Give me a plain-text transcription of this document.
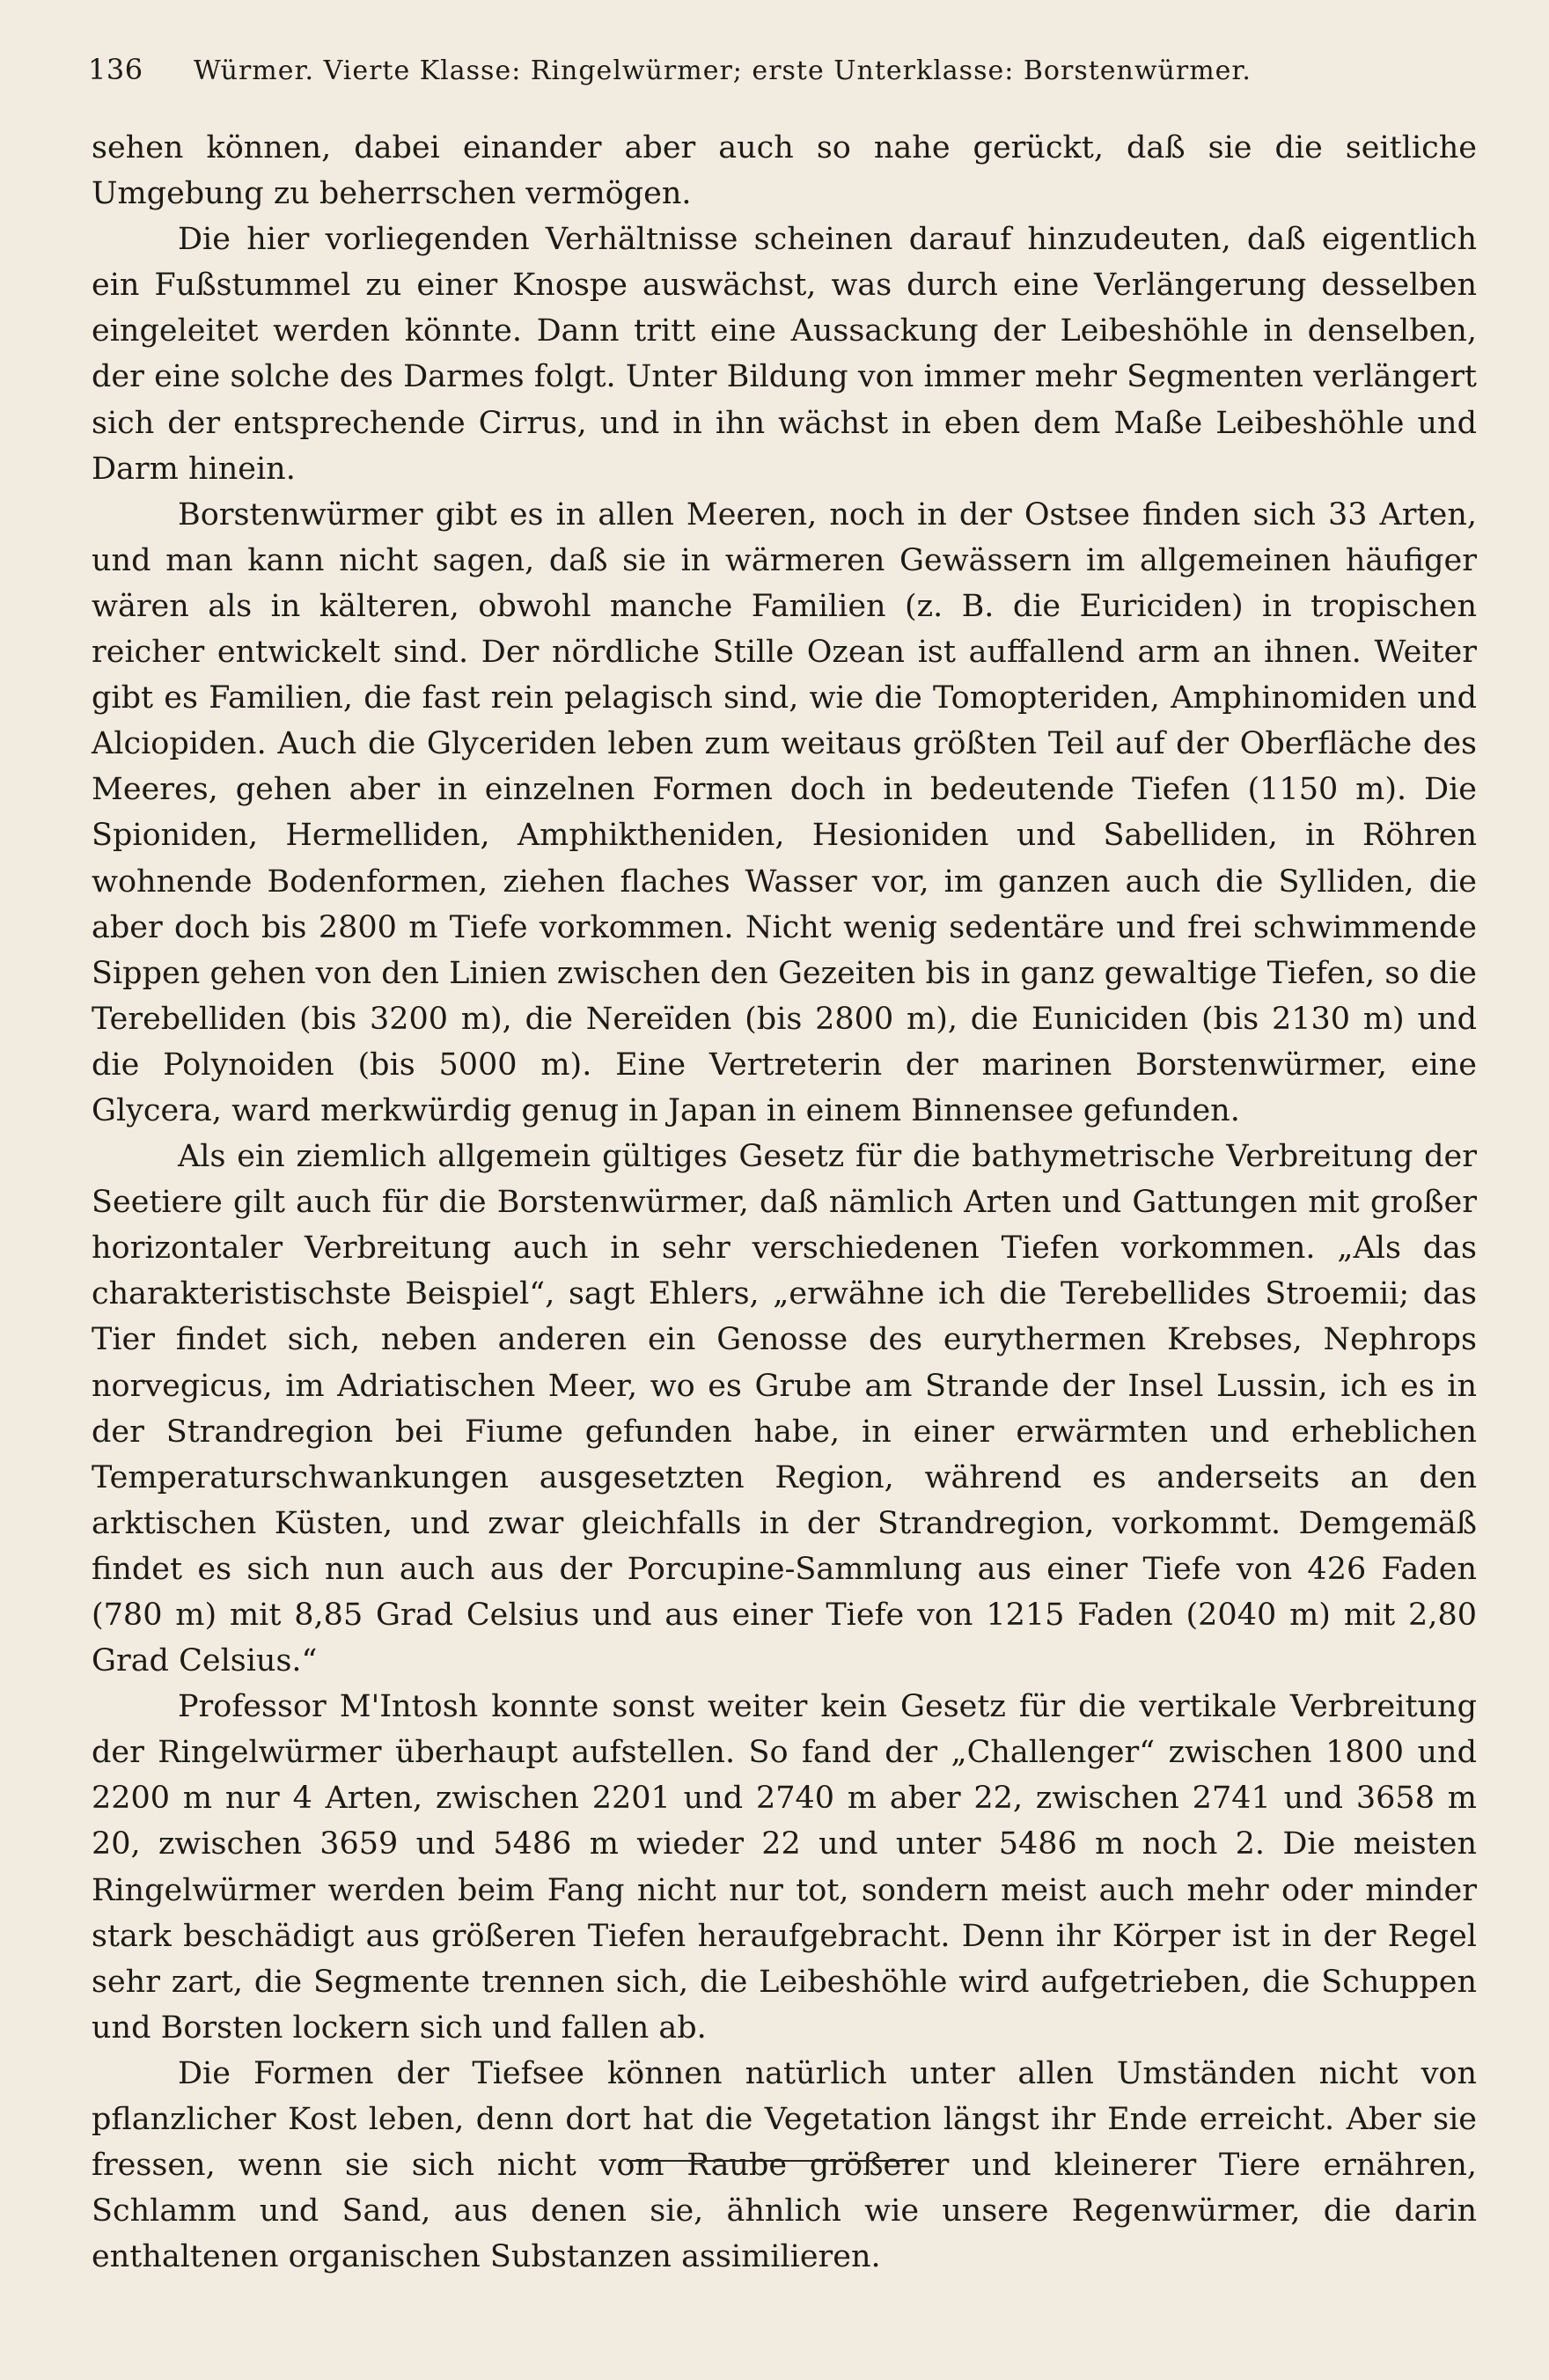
136	Würmer. Vierte Klasse: Ringelwürmer; erste Unterklasse: Borstenwürmer.

sehen können, dabei einander aber auch so nahe gerückt, daß sie die seitliche Umgebung zu beherrschen vermögen.

Die hier vorliegenden Verhältnisse scheinen darauf hinzudeuten, daß eigentlich ein Fußstummel zu einer Knospe auswächst, was durch eine Verlängerung desselben eingeleitet werden könnte. Dann tritt eine Aussackung der Leibeshöhle in denselben, der eine solche des Darmes folgt. Unter Bildung von immer mehr Segmenten verlängert sich der entsprechende Cirrus, und in ihn wächst in eben dem Maße Leibeshöhle und Darm hinein.

Borstenwürmer gibt es in allen Meeren, noch in der Ostsee finden sich 33 Arten, und man kann nicht sagen, daß sie in wärmeren Gewässern im allgemeinen häufiger wären als in kälteren, obwohl manche Familien (z. B. die Euriciden) in tropischen reicher entwickelt sind. Der nördliche Stille Ozean ist auffallend arm an ihnen. Weiter gibt es Familien, die fast rein pelagisch sind, wie die Tomopteriden, Amphinomiden und Alciopiden. Auch die Glyceriden leben zum weitaus größten Teil auf der Oberfläche des Meeres, gehen aber in einzelnen Formen doch in bedeutende Tiefen (1150 m). Die Spioniden, Hermelliden, Amphiktheniden, Hesioniden und Sabelliden, in Röhren wohnende Bodenformen, ziehen flaches Wasser vor, im ganzen auch die Sylliden, die aber doch bis 2800 m Tiefe vorkommen. Nicht wenig sedentäre und frei schwimmende Sippen gehen von den Linien zwischen den Gezeiten bis in ganz gewaltige Tiefen, so die Terebelliden (bis 3200 m), die Nereïden (bis 2800 m), die Euniciden (bis 2130 m) und die Polynoiden (bis 5000 m). Eine Vertreterin der marinen Borstenwürmer, eine Glycera, ward merkwürdig genug in Japan in einem Binnensee gefunden.

Als ein ziemlich allgemein gültiges Gesetz für die bathymetrische Verbreitung der Seetiere gilt auch für die Borstenwürmer, daß nämlich Arten und Gattungen mit großer horizontaler Verbreitung auch in sehr verschiedenen Tiefen vorkommen. „Als das charakteristischste Beispiel“, sagt Ehlers, „erwähne ich die Terebellides Stroemii; das Tier findet sich, neben anderen ein Genosse des eurythermen Krebses, Nephrops norvegicus, im Adriatischen Meer, wo es Grube am Strande der Insel Lussin, ich es in der Strandregion bei Fiume gefunden habe, in einer erwärmten und erheblichen Temperaturschwankungen ausgesetzten Region, während es anderseits an den arktischen Küsten, und zwar gleichfalls in der Strandregion, vorkommt. Demgemäß findet es sich nun auch aus der Porcupine-Sammlung aus einer Tiefe von 426 Faden (780 m) mit 8,85 Grad Celsius und aus einer Tiefe von 1215 Faden (2040 m) mit 2,80 Grad Celsius.“

Professor M'Intosh konnte sonst weiter kein Gesetz für die vertikale Verbreitung der Ringelwürmer überhaupt aufstellen. So fand der „Challenger“ zwischen 1800 und 2200 m nur 4 Arten, zwischen 2201 und 2740 m aber 22, zwischen 2741 und 3658 m 20, zwischen 3659 und 5486 m wieder 22 und unter 5486 m noch 2. Die meisten Ringelwürmer werden beim Fang nicht nur tot, sondern meist auch mehr oder minder stark beschädigt aus größeren Tiefen heraufgebracht. Denn ihr Körper ist in der Regel sehr zart, die Segmente trennen sich, die Leibeshöhle wird aufgetrieben, die Schuppen und Borsten lockern sich und fallen ab.

Die Formen der Tiefsee können natürlich unter allen Umständen nicht von pflanzlicher Kost leben, denn dort hat die Vegetation längst ihr Ende erreicht. Aber sie fressen, wenn sie sich nicht vom Raube größerer und kleinerer Tiere ernähren, Schlamm und Sand, aus denen sie, ähnlich wie unsere Regenwürmer, die darin enthaltenen organischen Substanzen assimilieren.
